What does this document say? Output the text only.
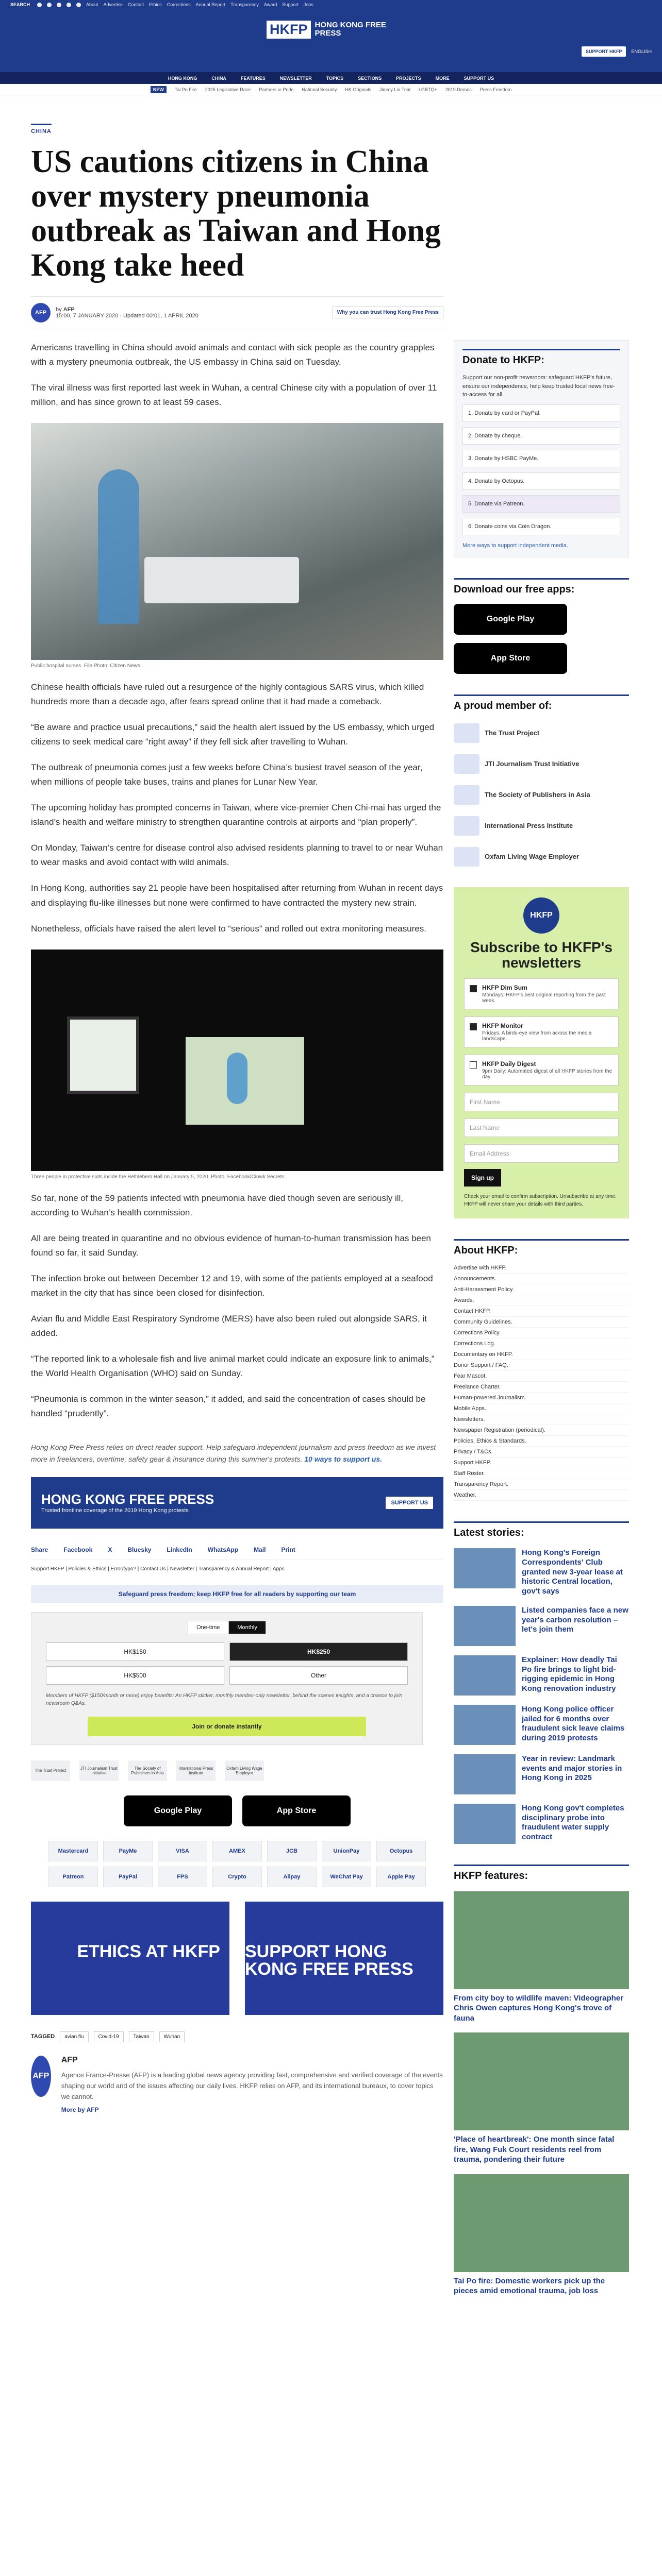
SEARCH	About Advertise Contact Ethics Corrections Annual Report Transparency Award Support Jobs
HKFP HONG KONG FREE PRESS
SUPPORT HKFP	ENGLISH
HONG KONG	CHINA	FEATURES	NEWSLETTER	TOPICS	SECTIONS	PROJECTS	MORE	SUPPORT US
NEW	Tai Po Fire 2025 Legislative Race Partners in Pride National Security HK Originals Jimmy Lai Trial LGBTQ+ 2019 Demos Press Freedom
CHINA
US cautions citizens in China over mystery pneumonia outbreak as Taiwan and Hong Kong take heed
AFP	by AFP
15:00, 7 JANUARY 2020 · Updated 00:01, 1 APRIL 2020	Why you can trust Hong Kong Free Press

Americans travelling in China should avoid animals and contact with sick people as the country grapples with a mystery pneumonia outbreak, the US embassy in China said on Tuesday.

The viral illness was first reported last week in Wuhan, a central Chinese city with a population of over 11 million, and has since grown to at least 59 cases.

Public hospital nurses. File Photo: Citizen News.

Chinese health officials have ruled out a resurgence of the highly contagious SARS virus, which killed hundreds more than a decade ago, after fears spread online that it had made a comeback.

“Be aware and practice usual precautions,” said the health alert issued by the US embassy, which urged citizens to seek medical care “right away” if they fell sick after travelling to Wuhan.

The outbreak of pneumonia comes just a few weeks before China’s busiest travel season of the year, when millions of people take buses, trains and planes for Lunar New Year.

The upcoming holiday has prompted concerns in Taiwan, where vice-premier Chen Chi-mai has urged the island’s health and welfare ministry to strengthen quarantine controls at airports and “plan properly”.

On Monday, Taiwan’s centre for disease control also advised residents planning to travel to or near Wuhan to wear masks and avoid contact with wild animals.

In Hong Kong, authorities say 21 people have been hospitalised after returning from Wuhan in recent days and displaying flu-like illnesses but none were confirmed to have contracted the mystery new strain.

Nonetheless, officials have raised the alert level to “serious” and rolled out extra monitoring measures.

Three people in protective suits inside the Bethlehem Hall on January 5, 2020. Photo: Facebook/Ciuwk Secrets.

So far, none of the 59 patients infected with pneumonia have died though seven are seriously ill, according to Wuhan’s health commission.

All are being treated in quarantine and no obvious evidence of human-to-human transmission has been found so far, it said Sunday.

The infection broke out between December 12 and 19, with some of the patients employed at a seafood market in the city that has since been closed for disinfection.

Avian flu and Middle East Respiratory Syndrome (MERS) have also been ruled out alongside SARS, it added.

“The reported link to a wholesale fish and live animal market could indicate an exposure link to animals,” the World Health Organisation (WHO) said on Sunday.

“Pneumonia is common in the winter season,” it added, and said the concentration of cases should be handled “prudently”.

Hong Kong Free Press relies on direct reader support. Help safeguard independent journalism and press freedom as we invest more in freelancers, overtime, safety gear & insurance during this summer's protests. 10 ways to support us.

HONG KONG FREE PRESS
Trusted frontline coverage of the 2019 Hong Kong protests
SUPPORT US
Share	Facebook	X	Bluesky	LinkedIn	WhatsApp	Mail	Print
Support HKFP | Policies & Ethics | Error/typo? | Contact Us | Newsletter | Transparency & Annual Report | Apps
Safeguard press freedom; keep HKFP free for all readers by supporting our team
One-time	Monthly
HK$150	HK$250
HK$500	Other
Members of HKFP ($150/month or more) enjoy benefits: An HKFP sticker, monthly member-only newsletter, behind the scenes insights, and a chance to join newsroom Q&As.
Join or donate instantly
The Trust Project	JTI Journalism Trust Initiative
The Society of Publishers in Asia
International Press Institute
Oxfam Living Wage Employer
Google Play	App Store
Mastercard	PayMe	VISA	AMEX	JCB	UnionPay	Octopus
Patreon	PayPal	FPS	Crypto	Alipay	WeChat Pay	Apple Pay
ETHICS AT HKFP SUPPORT HONG KONG FREE PRESS
TAGGED	avian flu	Covid-19	Taiwan	Wuhan
AFP
AFP
Agence France-Presse (AFP) is a leading global news agency providing fast, comprehensive and verified coverage of the events shaping our world and of the issues affecting our daily lives. HKFP relies on AFP, and its international bureaux, to cover topics we cannot.
More by AFP
Donate to HKFP:
Support our non-profit newsroom: safeguard HKFP's future, ensure our independence, help keep trusted local news free-to-access for all.
1. Donate by card or PayPal.
2. Donate by cheque.
3. Donate by HSBC PayMe.
4. Donate by Octopus.
5. Donate via Patreon.
6. Donate coins via Coin Dragon.
More ways to support independent media.
Download our free apps:
Google Play
App Store
A proud member of:
The Trust Project
JTI Journalism Trust Initiative
The Society of Publishers in Asia
International Press Institute
Oxfam Living Wage Employer
HKFP
Subscribe to HKFP's newsletters
HKFP Dim Sum
Mondays: HKFP's best original reporting from the past week.
HKFP Monitor
Fridays: A birds-eye view from across the media landscape.
HKFP Daily Digest
9pm Daily: Automated digest of all HKFP stories from the day.
First Name
Last Name
Email Address
Sign up
Check your email to confirm subscription. Unsubscribe at any time. HKFP will never share your details with third parties.
About HKFP:
Advertise with HKFP.
Announcements.
Anti-Harassment Policy.
Awards.
Contact HKFP.
Community Guidelines.
Corrections Policy.
Corrections Log.
Documentary on HKFP.
Donor Support / FAQ.
Fear Mascot.
Freelance Charter.
Human-powered Journalism.
Mobile Apps.
Newsletters.
Newspaper Registration (periodical).
Policies, Ethics & Standards.
Privacy / T&Cs.
Support HKFP.
Staff Roster.
Transparency Report.
Weather.
Latest stories:
Hong Kong's Foreign Correspondents' Club granted new 3-year lease at historic Central location, gov't says
Listed companies face a new year's carbon resolution – let's join them
Explainer: How deadly Tai Po fire brings to light bid-rigging epidemic in Hong Kong renovation industry
Hong Kong police officer jailed for 6 months over fraudulent sick leave claims during 2019 protests
Year in review: Landmark events and major stories in Hong Kong in 2025
Hong Kong gov't completes disciplinary probe into fraudulent water supply contract
HKFP features:
From city boy to wildlife maven: Videographer Chris Owen captures Hong Kong's trove of fauna
'Place of heartbreak': One month since fatal fire, Wang Fuk Court residents reel from trauma, pondering their future
Tai Po fire: Domestic workers pick up the pieces amid emotional trauma, job loss
